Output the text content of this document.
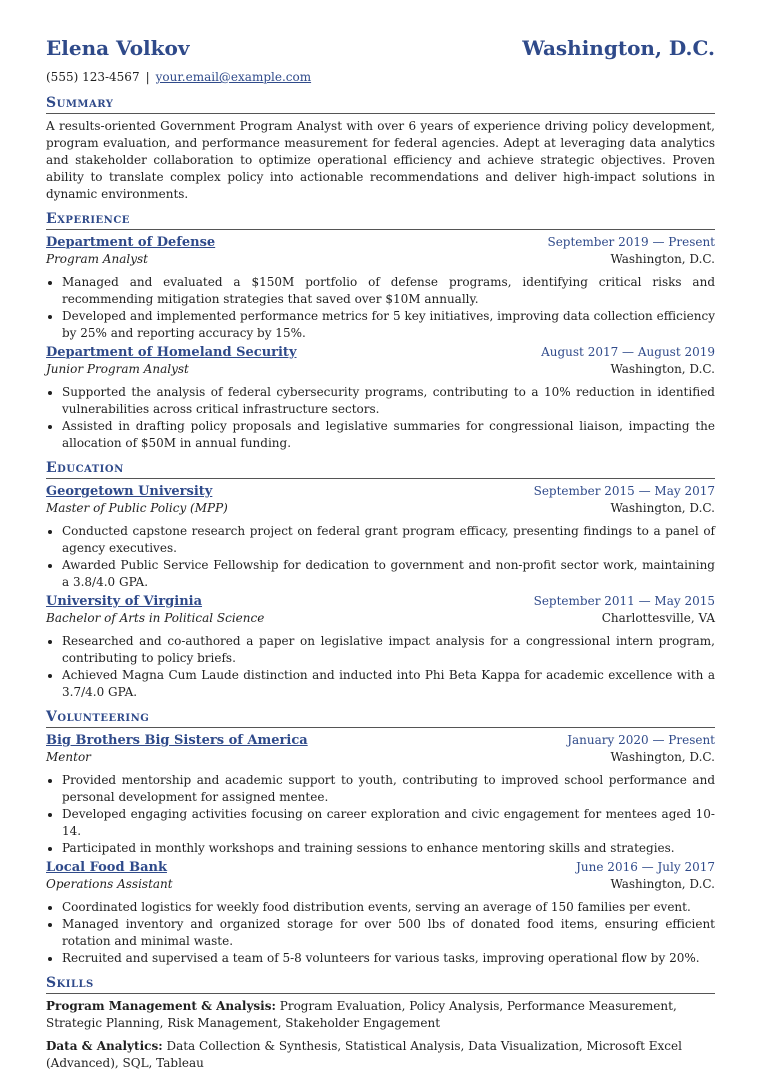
Elena Volkov	Washington, D.C.
(555) 123-4567 | your.email@example.com
Summary

A results-oriented Government Program Analyst with over 6 years of experience driving policy development, program evaluation, and performance measurement for federal agencies. Adept at leveraging data analytics and stakeholder collaboration to optimize operational efficiency and achieve strategic objectives. Proven ability to translate complex policy into actionable recommendations and deliver high-impact solutions in dynamic environments.

Experience
Department of Defense	September 2019 — Present
Program Analyst	Washington, D.C.
• Managed and evaluated a $150M portfolio of defense programs, identifying critical risks and recommending mitigation strategies that saved over $10M annually.
• Developed and implemented performance metrics for 5 key initiatives, improving data collection efficiency by 25% and reporting accuracy by 15%.
Department of Homeland Security	August 2017 — August 2019
Junior Program Analyst	Washington, D.C.
• Supported the analysis of federal cybersecurity programs, contributing to a 10% reduction in identified vulnerabilities across critical infrastructure sectors.
• Assisted in drafting policy proposals and legislative summaries for congressional liaison, impacting the allocation of $50M in annual funding.
Education
Georgetown University	September 2015 — May 2017
Master of Public Policy (MPP)	Washington, D.C.
• Conducted capstone research project on federal grant program efficacy, presenting findings to a panel of agency executives.
• Awarded Public Service Fellowship for dedication to government and non-profit sector work, maintaining a 3.8/4.0 GPA.
University of Virginia	September 2011 — May 2015
Bachelor of Arts in Political Science	Charlottesville, VA
• Researched and co-authored a paper on legislative impact analysis for a congressional intern program, contributing to policy briefs.
• Achieved Magna Cum Laude distinction and inducted into Phi Beta Kappa for academic excellence with a 3.7/4.0 GPA.
Volunteering
Big Brothers Big Sisters of America	January 2020 — Present
Mentor	Washington, D.C.
• Provided mentorship and academic support to youth, contributing to improved school performance and personal development for assigned mentee.
• Developed engaging activities focusing on career exploration and civic engagement for mentees aged 10-14.
• Participated in monthly workshops and training sessions to enhance mentoring skills and strategies.
Local Food Bank	June 2016 — July 2017
Operations Assistant	Washington, D.C.
• Coordinated logistics for weekly food distribution events, serving an average of 150 families per event.
• Managed inventory and organized storage for over 500 lbs of donated food items, ensuring efficient rotation and minimal waste.
• Recruited and supervised a team of 5-8 volunteers for various tasks, improving operational flow by 20%.
Skills

Program Management & Analysis: Program Evaluation, Policy Analysis, Performance Measurement, Strategic Planning, Risk Management, Stakeholder Engagement

Data & Analytics: Data Collection & Synthesis, Statistical Analysis, Data Visualization, Microsoft Excel (Advanced), SQL, Tableau
